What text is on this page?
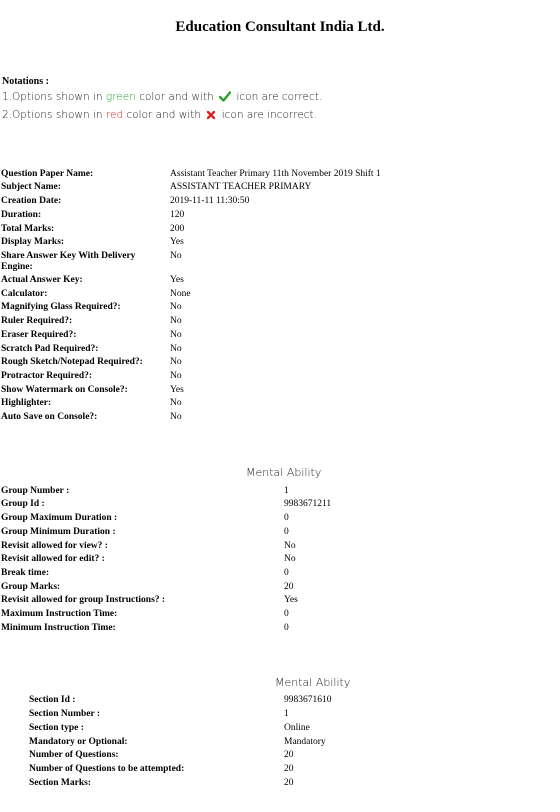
Education Consultant India Ltd.
Notations :
1.Options shown in green color and with  icon are correct.
2.Options shown in red color and with  icon are incorrect.
Question Paper Name:	Assistant Teacher Primary 11th November 2019 Shift 1
Subject Name:	ASSISTANT TEACHER PRIMARY
Creation Date:	2019-11-11 11:30:50
Duration:	120
Total Marks:	200
Display Marks:	Yes
Share Answer Key With Delivery Engine:
No
Actual Answer Key:	Yes
Calculator:	None
Magnifying Glass Required?:	No
Ruler Required?:	No
Eraser Required?:	No
Scratch Pad Required?:	No
Rough Sketch/Notepad Required?:	No
Protractor Required?:	No
Show Watermark on Console?:	Yes
Highlighter:	No
Auto Save on Console?:	No
Mental Ability
Group Number :	1
Group Id :	9983671211
Group Maximum Duration :	0
Group Minimum Duration :	0
Revisit allowed for view? :	No
Revisit allowed for edit? :	No
Break time:	0
Group Marks:	20
Revisit allowed for group Instructions? :	Yes
Maximum Instruction Time:	0
Minimum Instruction Time:	0
Mental Ability
Section Id :	9983671610
Section Number :	1
Section type :	Online
Mandatory or Optional:	Mandatory
Number of Questions:	20
Number of Questions to be attempted:	20
Section Marks:	20
